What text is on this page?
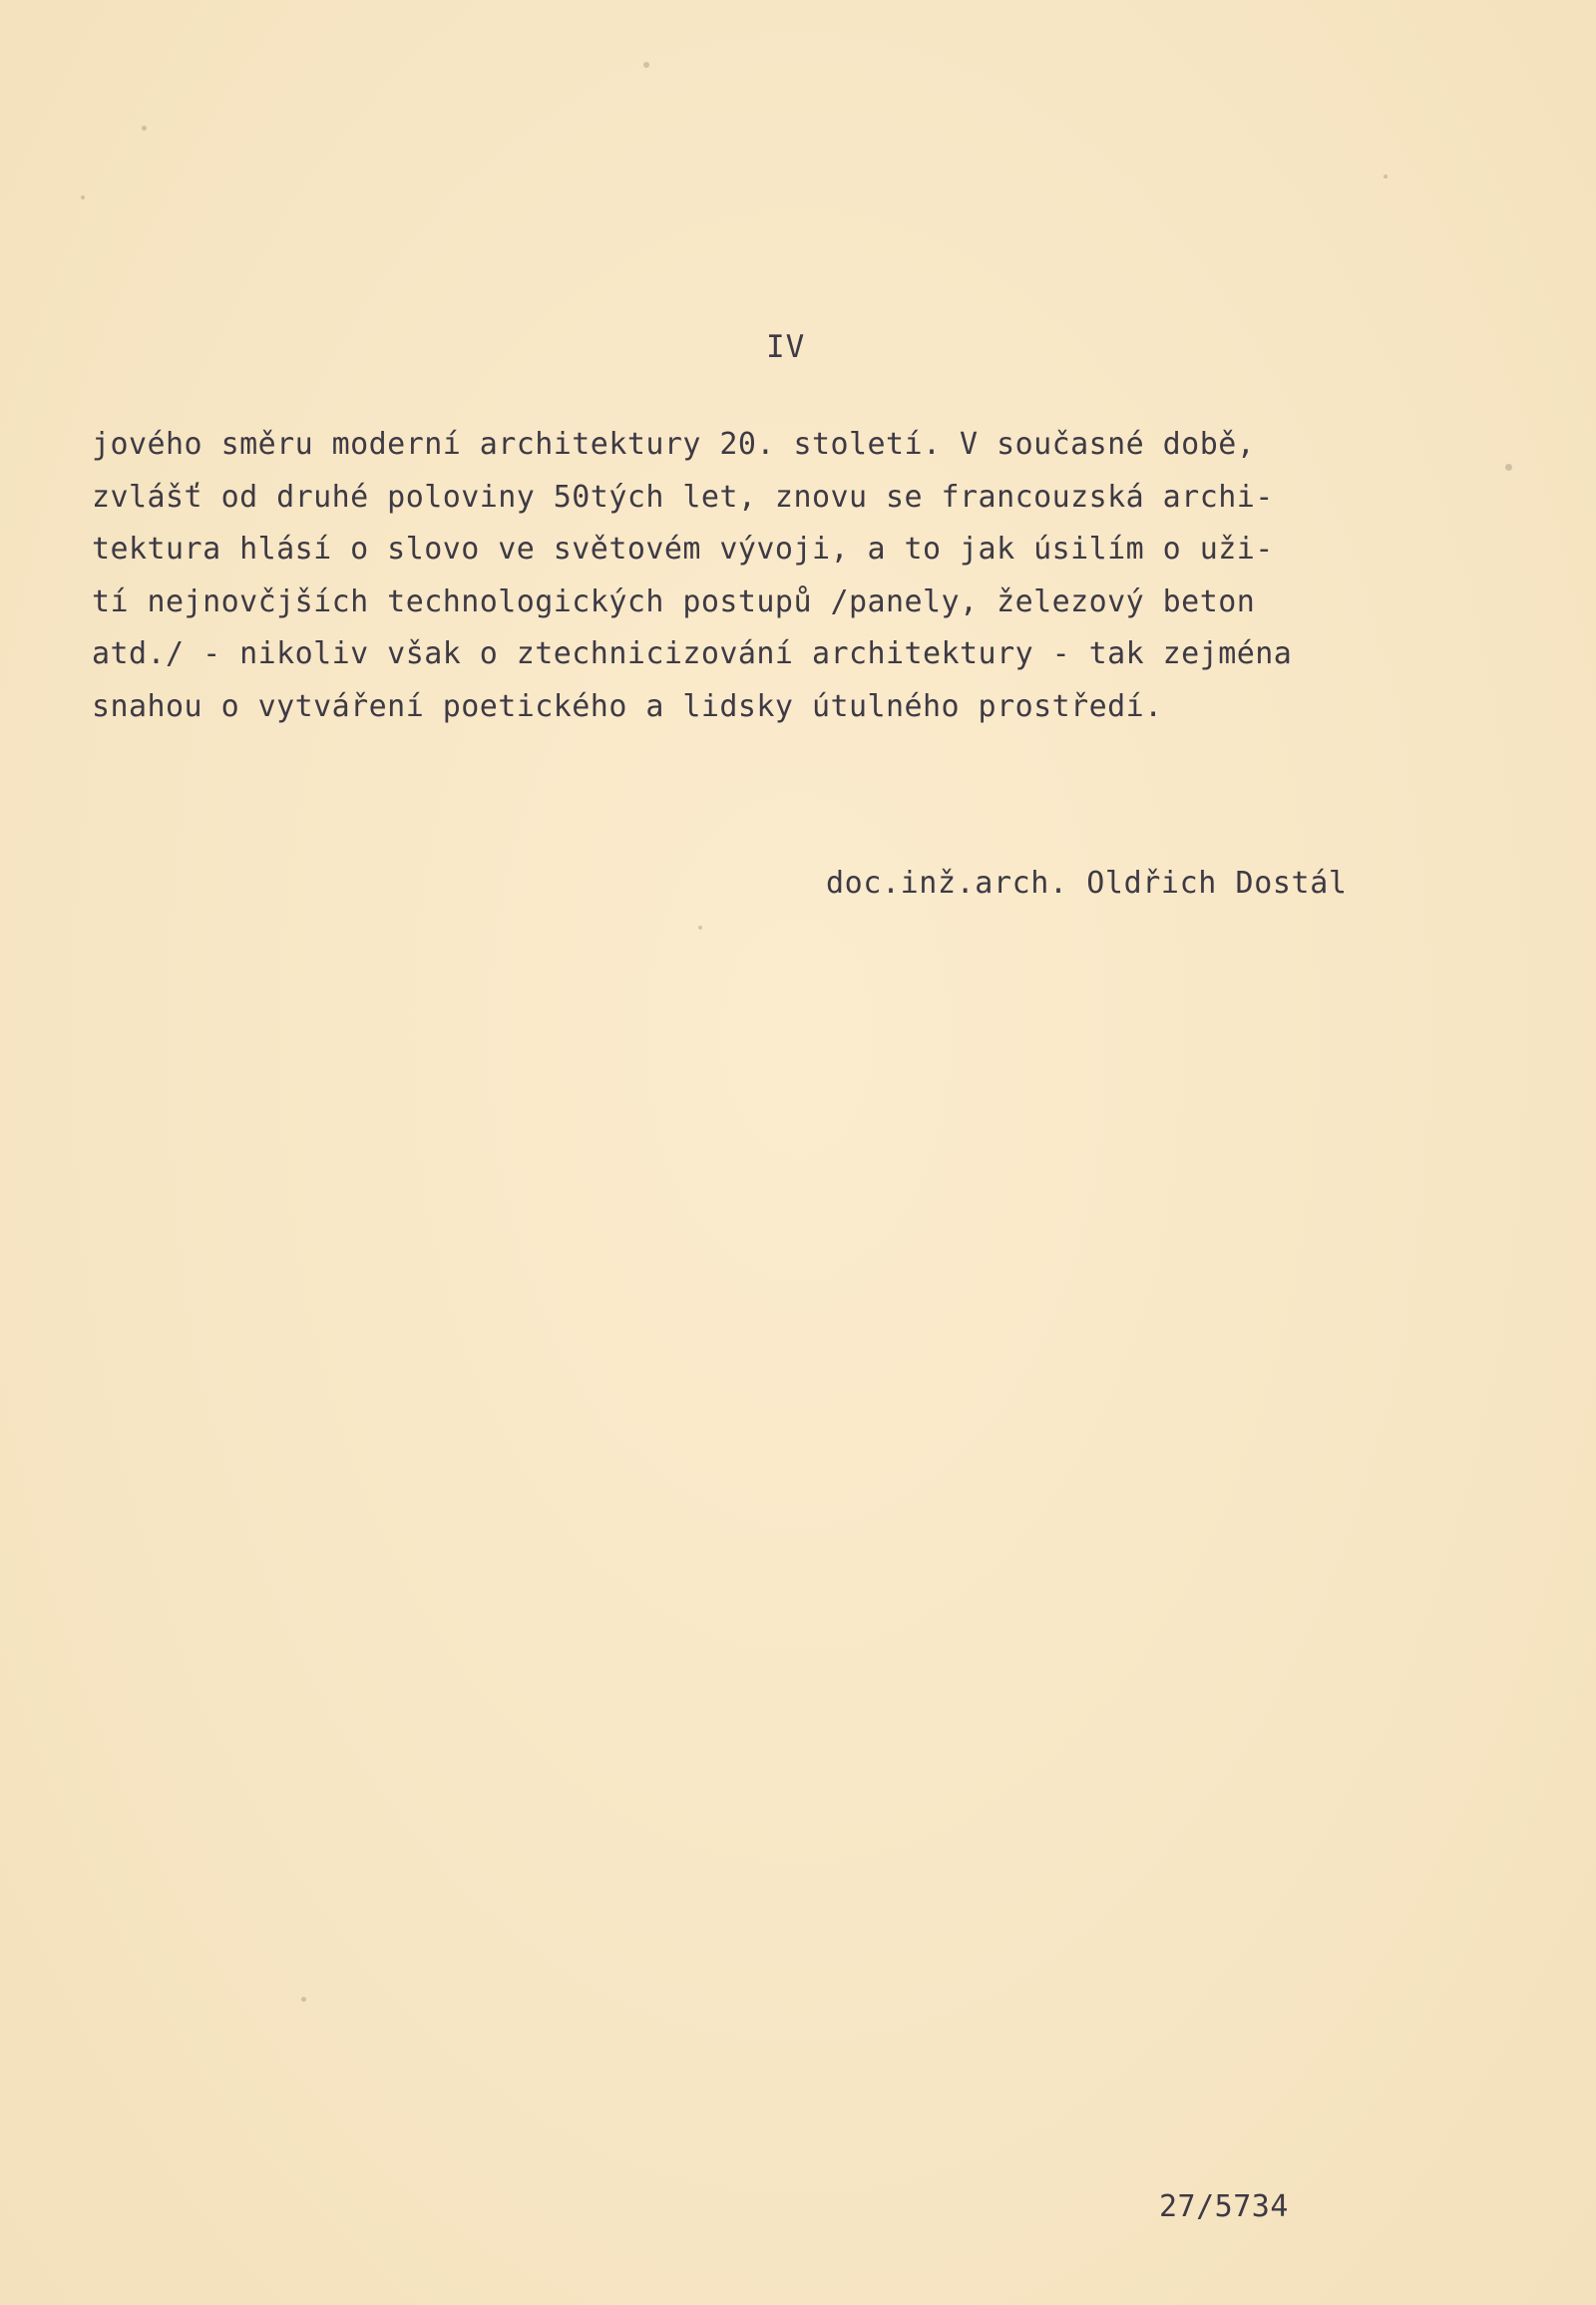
IV
jového směru moderní architektury 20. století. V současné době,
zvlášť od druhé poloviny 50tých let, znovu se francouzská archi-
tektura hlásí o slovo ve světovém vývoji, a to jak úsilím o uži-
tí nejnovčjších technologických postupů /panely, železový beton
atd./ - nikoliv však o ztechnicizování architektury - tak zejména
snahou o vytváření poetického a lidsky útulného prostředí.
doc.inž.arch. Oldřich Dostál
27/5734
